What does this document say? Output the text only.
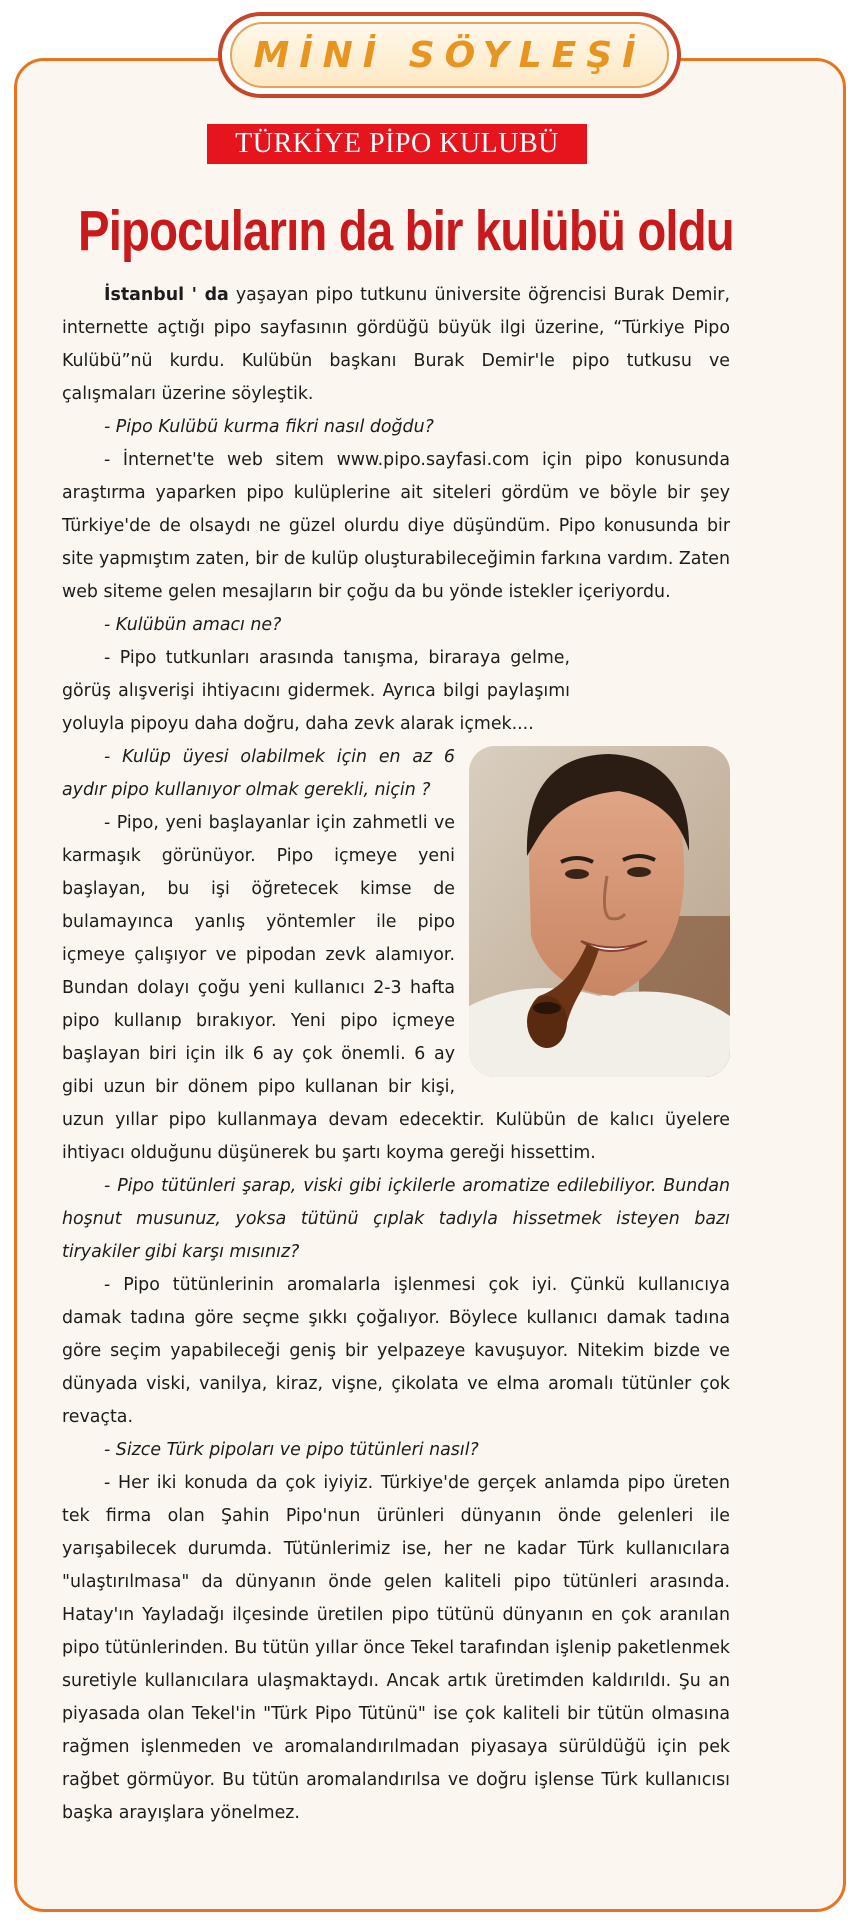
MİNİ SÖYLEŞİ
TÜRKİYE PİPO KULUBÜ
Pipocuların da bir kulübü oldu

İstanbul ' da yaşayan pipo tutkunu üniversite öğrencisi Burak Demir, internette açtığı pipo sayfasının gördüğü büyük ilgi üzerine, “Türkiye Pipo Kulübü”nü kurdu. Kulübün başkanı Burak Demir'le pipo tutkusu ve çalışmaları üzerine söyleştik.

- Pipo Kulübü kurma fikri nasıl doğdu?

- İnternet'te web sitem www.pipo.sayfasi.com için pipo konusunda araştırma yaparken pipo kulüplerine ait siteleri gördüm ve böyle bir şey Türkiye'de de olsaydı ne güzel olurdu diye düşündüm. Pipo konusunda bir site yapmıştım zaten, bir de kulüp oluşturabileceğimin farkına vardım. Zaten web siteme gelen mesajların bir çoğu da bu yönde istekler içeriyordu.

- Kulübün amacı ne?

- Pipo tutkunları arasında tanışma, biraraya gelme, görüş alışverişi ihtiyacını gidermek. Ayrıca bilgi paylaşımı yoluyla pipoyu daha doğru, daha zevk alarak içmek....

- Kulüp üyesi olabilmek için en az 6 aydır pipo kullanıyor olmak gerekli, niçin ?

- Pipo, yeni başlayanlar için zahmetli ve karmaşık görünüyor. Pipo içmeye yeni başlayan, bu işi öğretecek kimse de bulamayınca yanlış yöntemler ile pipo içmeye çalışıyor ve pipodan zevk alamıyor. Bundan dolayı çoğu yeni kullanıcı 2-3 hafta pipo kullanıp bırakıyor. Yeni pipo içmeye başlayan biri için ilk 6 ay çok önemli. 6 ay gibi uzun bir dönem pipo kullanan bir kişi, uzun yıllar pipo kullanmaya devam edecektir. Kulübün de kalıcı üyelere ihtiyacı olduğunu düşünerek bu şartı koyma gereği hissettim.

- Pipo tütünleri şarap, viski gibi içkilerle aromatize edilebiliyor. Bundan hoşnut musunuz, yoksa tütünü çıplak tadıyla hissetmek isteyen bazı tiryakiler gibi karşı mısınız?

- Pipo tütünlerinin aromalarla işlenmesi çok iyi. Çünkü kullanıcıya damak tadına göre seçme şıkkı çoğalıyor. Böylece kullanıcı damak tadına göre seçim yapabileceği geniş bir yelpazeye kavuşuyor. Nitekim bizde ve dünyada viski, vanilya, kiraz, vişne, çikolata ve elma aromalı tütünler çok revaçta.

- Sizce Türk pipoları ve pipo tütünleri nasıl?

- Her iki konuda da çok iyiyiz. Türkiye'de gerçek anlamda pipo üreten tek firma olan Şahin Pipo'nun ürünleri dünyanın önde gelenleri ile yarışabilecek durumda. Tütünlerimiz ise, her ne kadar Türk kullanıcılara "ulaştırılmasa" da dünyanın önde gelen kaliteli pipo tütünleri arasında. Hatay'ın Yayladağı ilçesinde üretilen pipo tütünü dünyanın en çok aranılan pipo tütünlerinden. Bu tütün yıllar önce Tekel tarafından işlenip paketlenmek suretiyle kullanıcılara ulaşmaktaydı. Ancak artık üretimden kaldırıldı. Şu an piyasada olan Tekel'in "Türk Pipo Tütünü" ise çok kaliteli bir tütün olmasına rağmen işlenmeden ve aromalandırılmadan piyasaya sürüldüğü için pek rağbet görmüyor. Bu tütün aromalandırılsa ve doğru işlense Türk kullanıcısı başka arayışlara yönelmez.
